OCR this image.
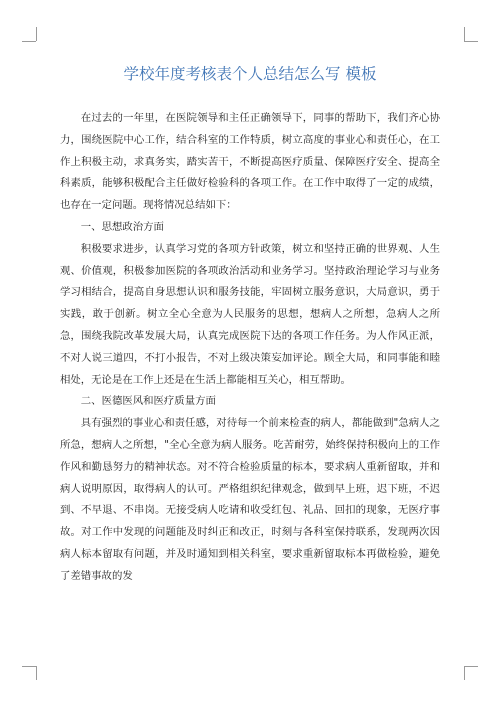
学校年度考核表个人总结怎么写 模板

在过去的一年里，在医院领导和主任正确领导下，同事的帮助下，我们齐心协力，围绕医院中心工作，结合科室的工作特质，树立高度的事业心和责任心，在工作上积极主动，求真务实，踏实苦干，不断提高医疗质量、保障医疗安全、提高全科素质，能够积极配合主任做好检验科的各项工作。在工作中取得了一定的成绩，也存在一定问题。现将情况总结如下：

一、思想政治方面

积极要求进步，认真学习党的各项方针政策，树立和坚持正确的世界观、人生观、价值观，积极参加医院的各项政治活动和业务学习。坚持政治理论学习与业务学习相结合，提高自身思想认识和服务技能，牢固树立服务意识，大局意识，勇于实践，敢于创新。树立全心全意为人民服务的思想，想病人之所想，急病人之所急，围绕我院改革发展大局，认真完成医院下达的各项工作任务。为人作风正派，不对人说三道四，不打小报告，不对上级决策妄加评论。顾全大局，和同事能和睦相处，无论是在工作上还是在生活上都能相互关心，相互帮助。

二、医德医风和医疗质量方面

具有强烈的事业心和责任感，对待每一个前来检查的病人，都能做到"急病人之所急，想病人之所想，"全心全意为病人服务。吃苦耐劳，始终保持积极向上的工作作风和勤恳努力的精神状态。对不符合检验质量的标本，要求病人重新留取，并和病人说明原因，取得病人的认可。严格组织纪律观念，做到早上班，迟下班，不迟到、不早退、不串岗。无接受病人吃请和收受红包、礼品、回扣的现象，无医疗事故。对工作中发现的问题能及时纠正和改正，时刻与各科室保持联系，发现两次因病人标本留取有问题，并及时通知到相关科室，要求重新留取标本再做检验，避免了差错事故的发
